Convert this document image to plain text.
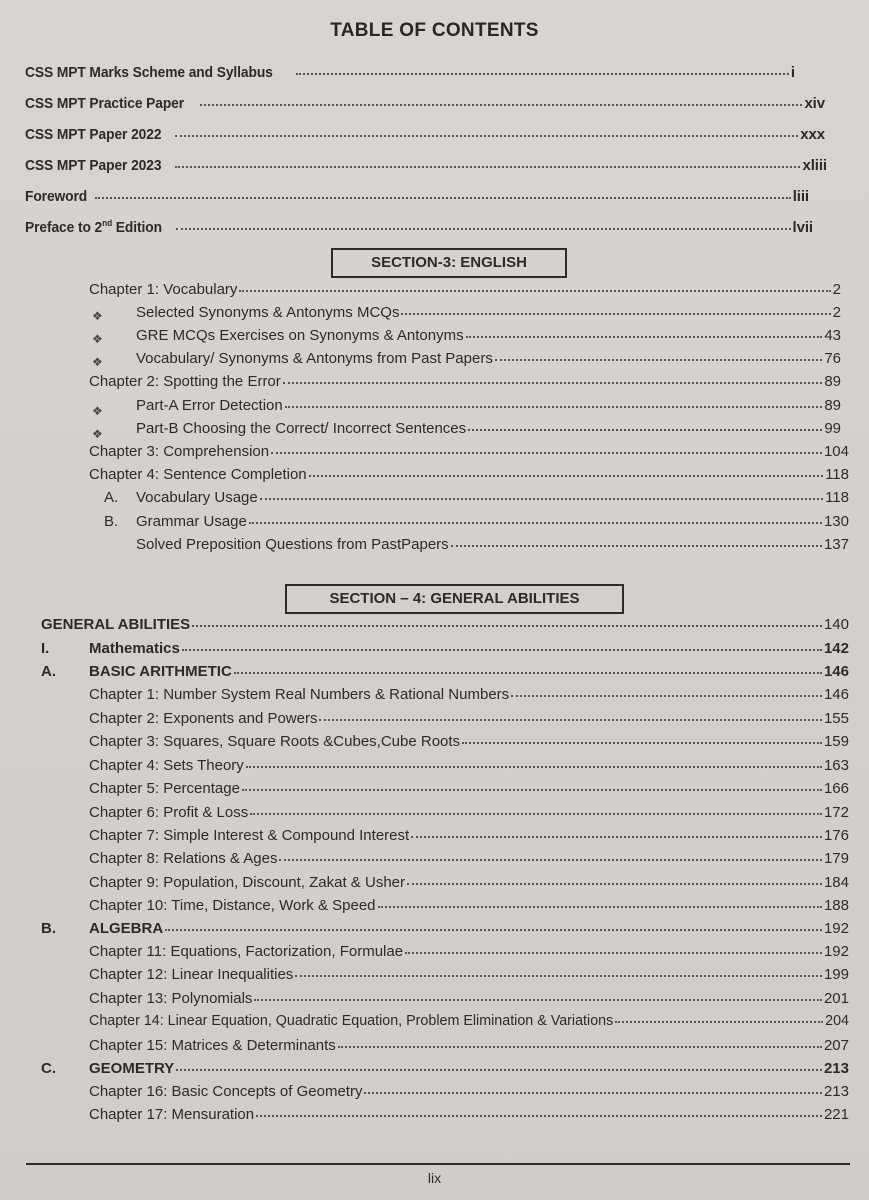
TABLE OF CONTENTS
CSS MPT Marks Scheme and Syllabus	i
CSS MPT Practice Paper	xiv
CSS MPT Paper 2022	xxx
CSS MPT Paper 2023	xliii
Foreword	liii
Preface to 2nd Edition	lvii
SECTION-3: ENGLISH
Chapter 1: Vocabulary	2
❖ Selected Synonyms & Antonyms MCQs	2
❖ GRE MCQs Exercises on Synonyms & Antonyms	43
❖ Vocabulary/ Synonyms & Antonyms from Past Papers	76
Chapter 2: Spotting the Error	89
❖ Part-A Error Detection	89
❖ Part-B Choosing the Correct/ Incorrect Sentences	99
Chapter 3: Comprehension	104
Chapter 4: Sentence Completion	118
A. Vocabulary Usage	118
B. Grammar Usage	130
Solved Preposition Questions from PastPapers	137
SECTION – 4: GENERAL ABILITIES
GENERAL ABILITIES	140
I.	Mathematics	142
A. BASIC ARITHMETIC	146
Chapter 1: Number System Real Numbers & Rational Numbers	146
Chapter 2: Exponents and Powers	155
Chapter 3: Squares, Square Roots &Cubes,Cube Roots	159
Chapter 4: Sets Theory	163
Chapter 5: Percentage	166
Chapter 6: Profit & Loss	172
Chapter 7: Simple Interest & Compound Interest	176
Chapter 8: Relations & Ages	179
Chapter 9: Population, Discount, Zakat & Usher	184
Chapter 10: Time, Distance, Work & Speed	188
B. ALGEBRA	192
Chapter 11: Equations, Factorization, Formulae	192
Chapter 12: Linear Inequalities	199
Chapter 13: Polynomials	201
Chapter 14: Linear Equation, Quadratic Equation, Problem Elimination & Variations	204
Chapter 15: Matrices & Determinants	207
C. GEOMETRY	213
Chapter 16: Basic Concepts of Geometry	213
Chapter 17: Mensuration	221
lix
